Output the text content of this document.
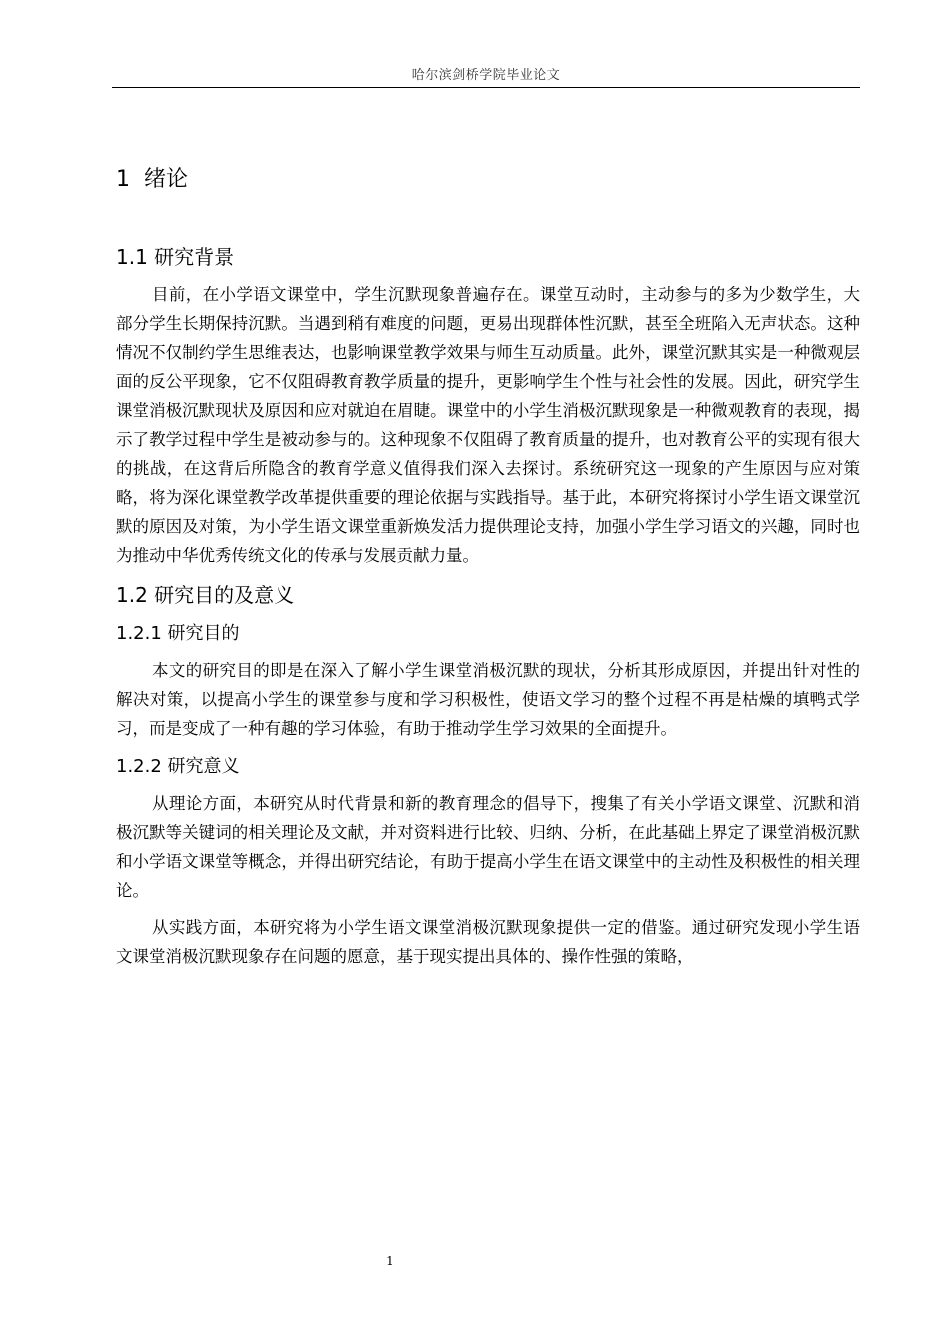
哈尔滨剑桥学院毕业论文
1 绪论
1.1 研究背景

目前，在小学语文课堂中，学生沉默现象普遍存在。课堂互动时，主动参与的多为少数学生，大部分学生长期保持沉默。当遇到稍有难度的问题，更易出现群体性沉默，甚至全班陷入无声状态。这种情况不仅制约学生思维表达，也影响课堂教学效果与师生互动质量。此外，课堂沉默其实是一种微观层面的反公平现象，它不仅阻碍教育教学质量的提升，更影响学生个性与社会性的发展。因此，研究学生课堂消极沉默现状及原因和应对就迫在眉睫。课堂中的小学生消极沉默现象是一种微观教育的表现，揭示了教学过程中学生是被动参与的。这种现象不仅阻碍了教育质量的提升，也对教育公平的实现有很大的挑战，在这背后所隐含的教育学意义值得我们深入去探讨。系统研究这一现象的产生原因与应对策略，将为深化课堂教学改革提供重要的理论依据与实践指导。基于此，本研究将探讨小学生语文课堂沉默的原因及对策，为小学生语文课堂重新焕发活力提供理论支持，加强小学生学习语文的兴趣，同时也为推动中华优秀传统文化的传承与发展贡献力量。

1.2 研究目的及意义
1.2.1 研究目的

本文的研究目的即是在深入了解小学生课堂消极沉默的现状，分析其形成原因，并提出针对性的解决对策，以提高小学生的课堂参与度和学习积极性，使语文学习的整个过程不再是枯燥的填鸭式学习，而是变成了一种有趣的学习体验，有助于推动学生学习效果的全面提升。

1.2.2 研究意义

从理论方面，本研究从时代背景和新的教育理念的倡导下，搜集了有关小学语文课堂、沉默和消极沉默等关键词的相关理论及文献，并对资料进行比较、归纳、分析，在此基础上界定了课堂消极沉默和小学语文课堂等概念，并得出研究结论，有助于提高小学生在语文课堂中的主动性及积极性的相关理论。

从实践方面，本研究将为小学生语文课堂消极沉默现象提供一定的借鉴。通过研究发现小学生语文课堂消极沉默现象存在问题的愿意，基于现实提出具体的、操作性强的策略，

1
